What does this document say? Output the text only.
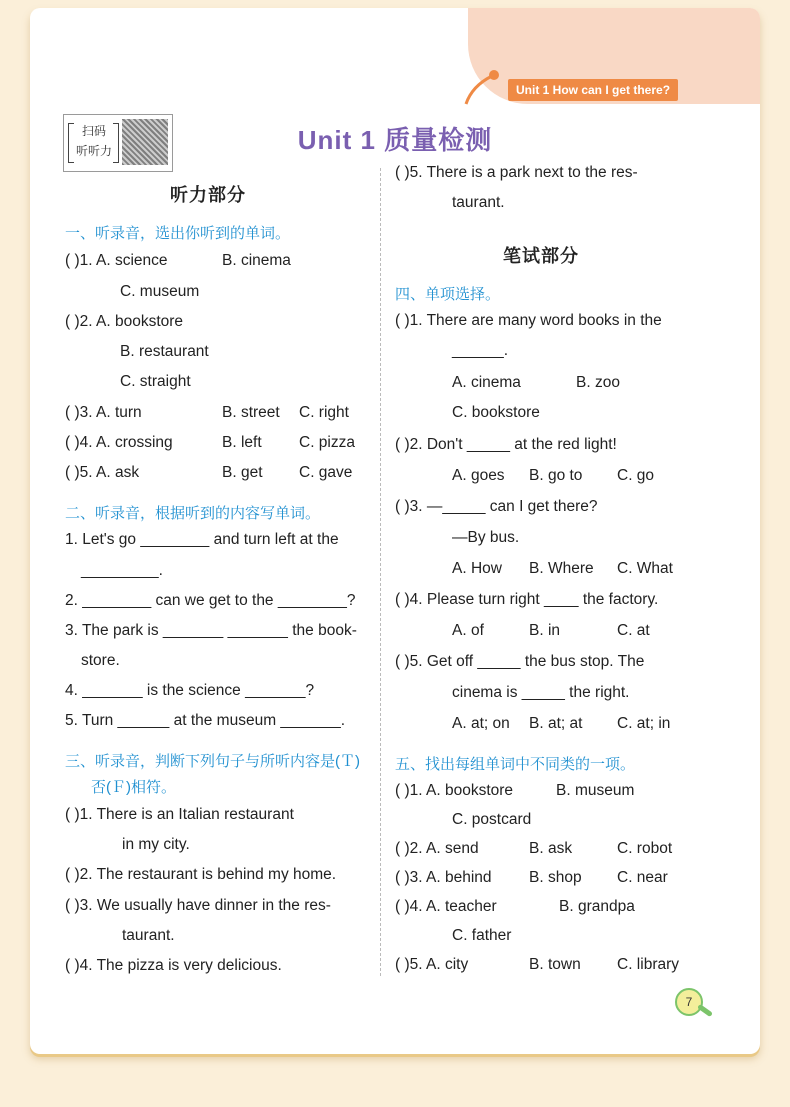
Unit 1 How can I get there?
扫码
听听力	Unit 1 质量检测
听力部分
一、听录音，选出你听到的单词。
( )1. A. science	B. cinema
C. museum
( )2. A. bookstore
B. restaurant
C. straight
( )3. A. turn	B. street C. right
( )4. A. crossing	B. left C. pizza
( )5. A. ask	B. get C. gave
二、听录音，根据听到的内容写单词。
1. Let's go ________ and turn left at the
_________.
2. ________ can we get to the ________?
3. The park is _______ _______ the book-
store.
4. _______ is the science _______?
5. Turn ______ at the museum _______.
三、听录音，判断下列句子与所听内容是(Ｔ)
否(Ｆ)相符。
( )1. There is an Italian restaurant
in my city.
( )2. The restaurant is behind my home.
( )3. We usually have dinner in the res-
taurant.
( )4. The pizza is very delicious.
( )5. There is a park next to the res-
taurant.
笔试部分
四、单项选择。
( )1. There are many word books in the
______.
A. cinema	B. zoo
C. bookstore
( )2. Don't _____ at the red light!
A. goes B. go to C. go
( )3. —_____ can I get there?
—By bus.
A. How B. Where C. What
( )4. Please turn right ____ the factory.
A. of	B. in	C. at
( )5. Get off _____ the bus stop. The
cinema is _____ the right.
A. at; on B. at; at C. at; in
五、找出每组单词中不同类的一项。
( )1. A. bookstore	B. museum
C. postcard
( )2. A. send	B. ask	C. robot
( )3. A. behind B. shop C. near
( )4. A. teacher	B. grandpa
C. father
( )5. A. city	B. town C. library
7
